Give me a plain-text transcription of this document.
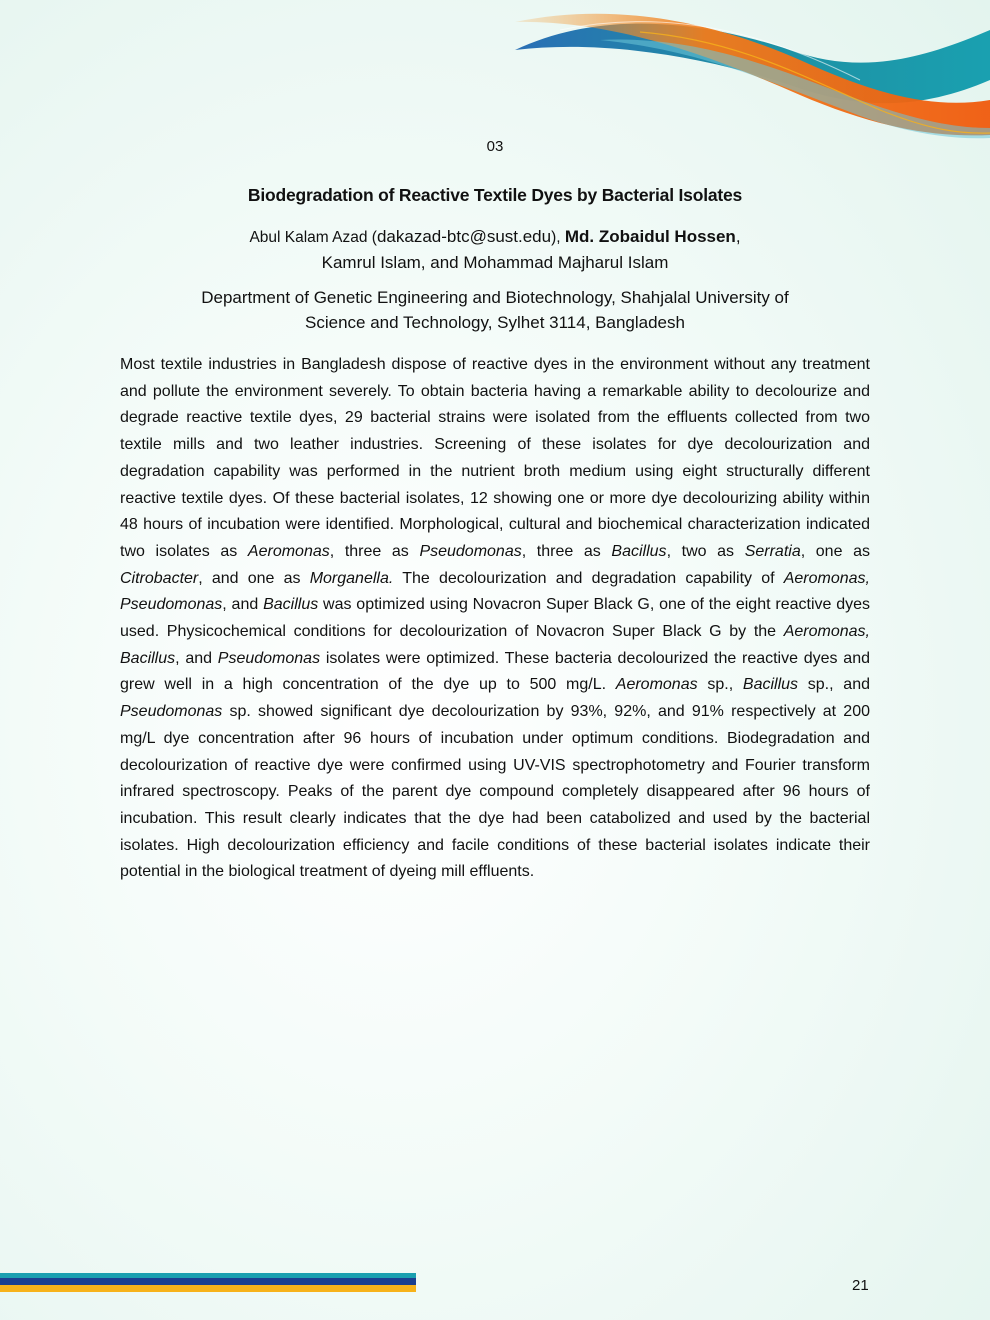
03
Biodegradation of Reactive Textile Dyes by Bacterial Isolates
Abul Kalam Azad (dakazad-btc@sust.edu), Md. Zobaidul Hossen,
Kamrul Islam, and Mohammad Majharul Islam
Department of Genetic Engineering and Biotechnology, Shahjalal University of
Science and Technology, Sylhet 3114, Bangladesh

Most textile industries in Bangladesh dispose of reactive dyes in the environment without any treatment and pollute the environment severely. To obtain bacteria having a remarkable ability to decolourize and degrade reactive textile dyes, 29 bacterial strains were isolated from the effluents collected from two textile mills and two leather industries. Screening of these isolates for dye decolourization and degradation capability was performed in the nutrient broth medium using eight structurally different reactive textile dyes. Of these bacterial isolates, 12 showing one or more dye decolourizing ability within 48 hours of incubation were identified. Morphological, cultural and biochemical characterization indicated two isolates as Aeromonas, three as Pseudomonas, three as Bacillus, two as Serratia, one as Citrobacter, and one as Morganella. The decolourization and degradation capability of Aeromonas, Pseudomonas, and Bacillus was optimized using Novacron Super Black G, one of the eight reactive dyes used. Physicochemical conditions for decolourization of Novacron Super Black G by the Aeromonas, Bacillus, and Pseudomonas isolates were optimized. These bacteria decolourized the reactive dyes and grew well in a high concentration of the dye up to 500 mg/L. Aeromonas sp., Bacillus sp., and Pseudomonas sp. showed significant dye decolourization by 93%, 92%, and 91% respectively at 200 mg/L dye concentration after 96 hours of incubation under optimum conditions. Biodegradation and decolourization of reactive dye were confirmed using UV-VIS spectrophotometry and Fourier transform infrared spectroscopy. Peaks of the parent dye compound completely disappeared after 96 hours of incubation. This result clearly indicates that the dye had been catabolized and used by the bacterial isolates. High decolourization efficiency and facile conditions of these bacterial isolates indicate their potential in the biological treatment of dyeing mill effluents.

21
